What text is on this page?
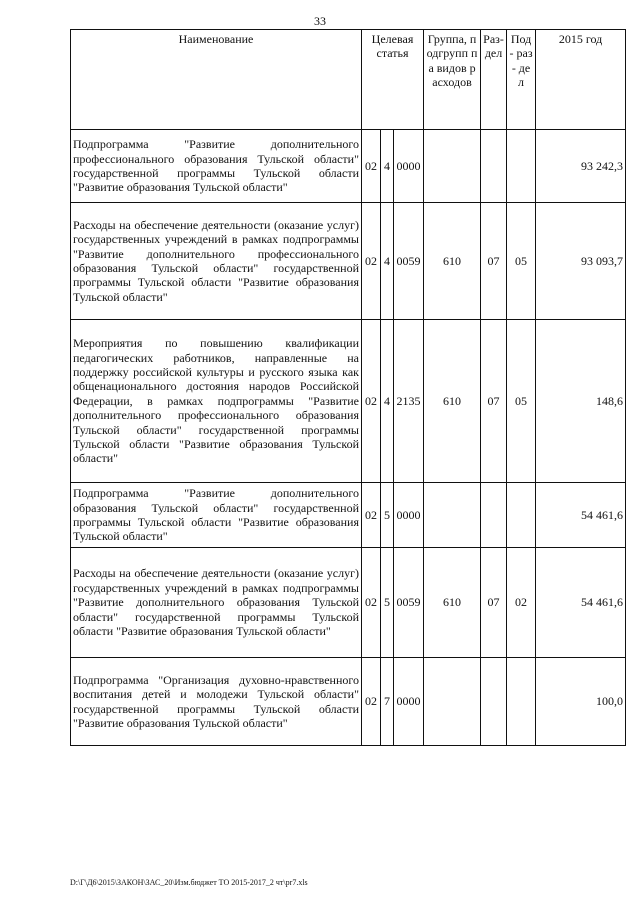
33
Наименование	Целевая статья			Группа, подгрупп па видов расходов	Раз- дел	Под- раз- дел	2015 год
Подпрограмма "Развитие дополнительного профессионального образования Тульской области" государственной программы Тульской области "Развитие образования Тульской области"	02	4	0000				93 242,3
Расходы на обеспечение деятельности (оказание услуг) государственных учреждений в рамках подпрограммы "Развитие дополнительного профессионального образования Тульской области" государственной программы Тульской области "Развитие образования Тульской области"	02	4	0059	610	07	05	93 093,7
Мероприятия по повышению квалификации педагогических работников, направленные на поддержку российской культуры и русского языка как общенационального достояния народов Российской Федерации, в рамках подпрограммы "Развитие дополнительного профессионального образования Тульской области" государственной программы Тульской области "Развитие образования Тульской области"	02	4	2135	610	07	05	148,6
Подпрограмма "Развитие дополнительного образования Тульской области" государственной программы Тульской области "Развитие образования Тульской области"	02	5	0000				54 461,6
Расходы на обеспечение деятельности (оказание услуг) государственных учреждений в рамках подпрограммы "Развитие дополнительного образования Тульской области" государственной программы Тульской области "Развитие образования Тульской области"	02	5	0059	610	07	02	54 461,6
Подпрограмма "Организация духовно-нравственного воспитания детей и молодежи Тульской области" государственной программы Тульской области "Развитие образования Тульской области"	02	7	0000				100,0
D:\Г\Д6\2015\ЗАКОН\ЗАС_20\Изм.бюджет ТО 2015-2017_2 чт\pr7.xls
